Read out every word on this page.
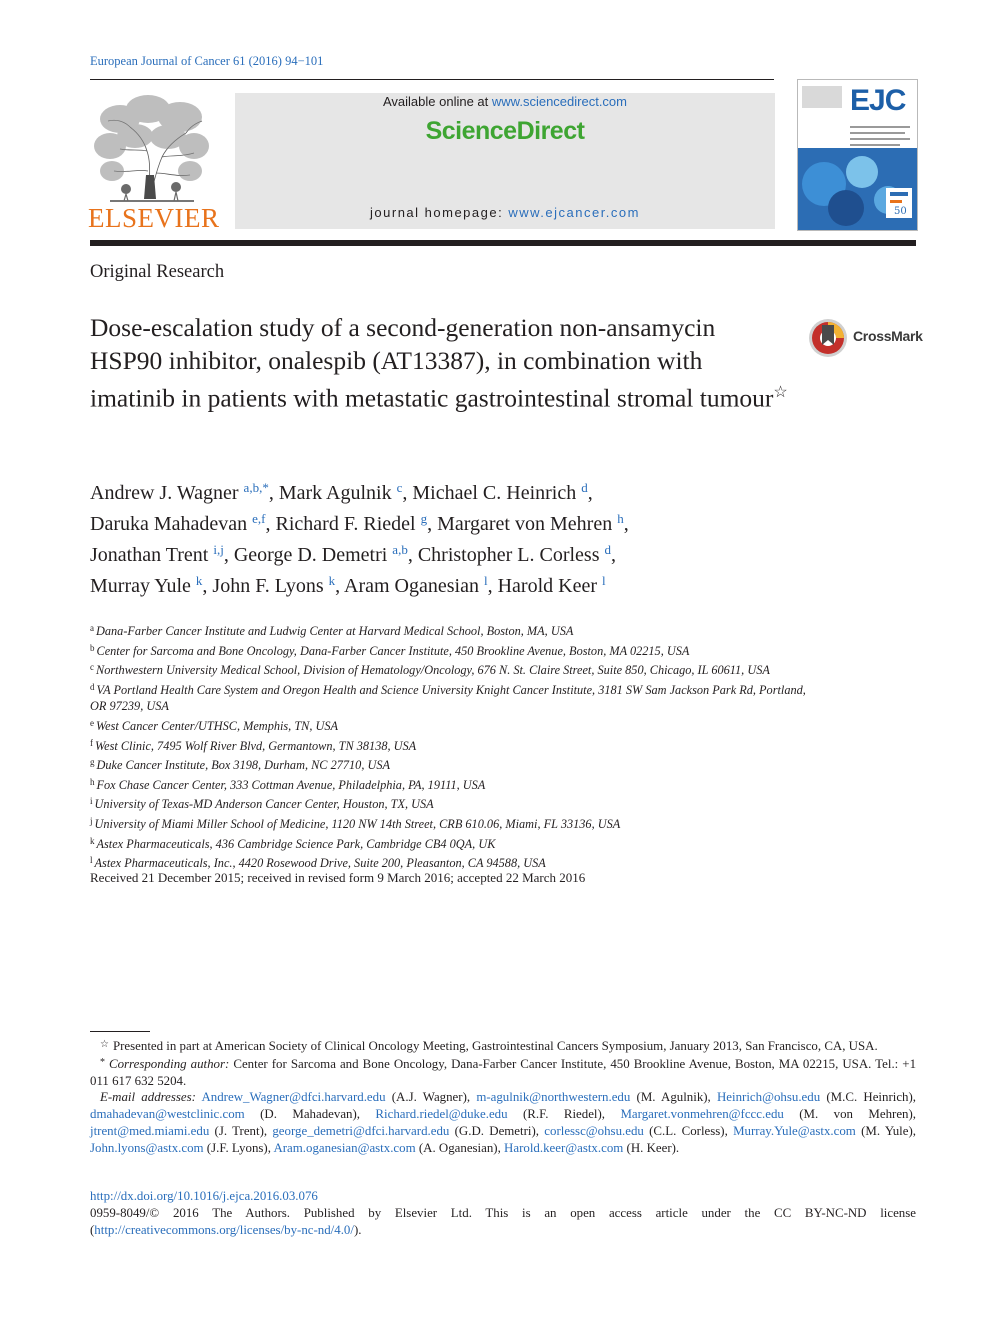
European Journal of Cancer 61 (2016) 94−101
ELSEVIER
Available online at www.sciencedirect.com
ScienceDirect
journal homepage: www.ejcancer.com	50
EJC
Original Research
Dose-escalation study of a second-generation non-ansamycin HSP90 inhibitor, onalespib (AT13387), in combination with imatinib in patients with metastatic gastrointestinal stromal tumour☆
CrossMark
Andrew J. Wagner $^{a,b,*}$, Mark Agulnik $^c$, Michael C. Heinrich $^d$,
Daruka Mahadevan $^{e,f}$, Richard F. Riedel $^g$, Margaret von Mehren $^h$,
Jonathan Trent $^{i,j}$, George D. Demetri $^{a,b}$, Christopher L. Corless $^d$,
Murray Yule $^k$, John F. Lyons $^k$, Aram Oganesian $^l$, Harold Keer $^l$
$^a$ Dana-Farber Cancer Institute and Ludwig Center at Harvard Medical School, Boston, MA, USA
$^b$ Center for Sarcoma and Bone Oncology, Dana-Farber Cancer Institute, 450 Brookline Avenue, Boston, MA 02215, USA
$^c$ Northwestern University Medical School, Division of Hematology/Oncology, 676 N. St. Claire Street, Suite 850, Chicago, IL 60611, USA
$^d$ VA Portland Health Care System and Oregon Health and Science University Knight Cancer Institute, 3181 SW Sam Jackson Park Rd, Portland, OR 97239, USA
$^e$ West Cancer Center/UTHSC, Memphis, TN, USA
$^f$ West Clinic, 7495 Wolf River Blvd, Germantown, TN 38138, USA
$^g$ Duke Cancer Institute, Box 3198, Durham, NC 27710, USA
$^h$ Fox Chase Cancer Center, 333 Cottman Avenue, Philadelphia, PA, 19111, USA
$^i$ University of Texas-MD Anderson Cancer Center, Houston, TX, USA
$^j$ University of Miami Miller School of Medicine, 1120 NW 14th Street, CRB 610.06, Miami, FL 33136, USA
$^k$ Astex Pharmaceuticals, 436 Cambridge Science Park, Cambridge CB4 0QA, UK
$^l$ Astex Pharmaceuticals, Inc., 4420 Rosewood Drive, Suite 200, Pleasanton, CA 94588, USA
Received 21 December 2015; received in revised form 9 March 2016; accepted 22 March 2016

☆ Presented in part at American Society of Clinical Oncology Meeting, Gastrointestinal Cancers Symposium, January 2013, San Francisco, CA, USA.

* Corresponding author: Center for Sarcoma and Bone Oncology, Dana-Farber Cancer Institute, 450 Brookline Avenue, Boston, MA 02215, USA. Tel.: +1 011 617 632 5204.

E-mail addresses: Andrew_Wagner@dfci.harvard.edu (A.J. Wagner), m-agulnik@northwestern.edu (M. Agulnik), Heinrich@ohsu.edu (M.C. Heinrich), dmahadevan@westclinic.com (D. Mahadevan), Richard.riedel@duke.edu (R.F. Riedel), Margaret.vonmehren@fccc.edu (M. von Mehren), jtrent@med.miami.edu (J. Trent), george_demetri@dfci.harvard.edu (G.D. Demetri), corlessc@ohsu.edu (C.L. Corless), Murray.Yule@astx.com (M. Yule), John.lyons@astx.com (J.F. Lyons), Aram.oganesian@astx.com (A. Oganesian), Harold.keer@astx.com (H. Keer).

http://dx.doi.org/10.1016/j.ejca.2016.03.076

0959-8049/© 2016 The Authors. Published by Elsevier Ltd. This is an open access article under the CC BY-NC-ND license (http://creativecommons.org/licenses/by-nc-nd/4.0/).
